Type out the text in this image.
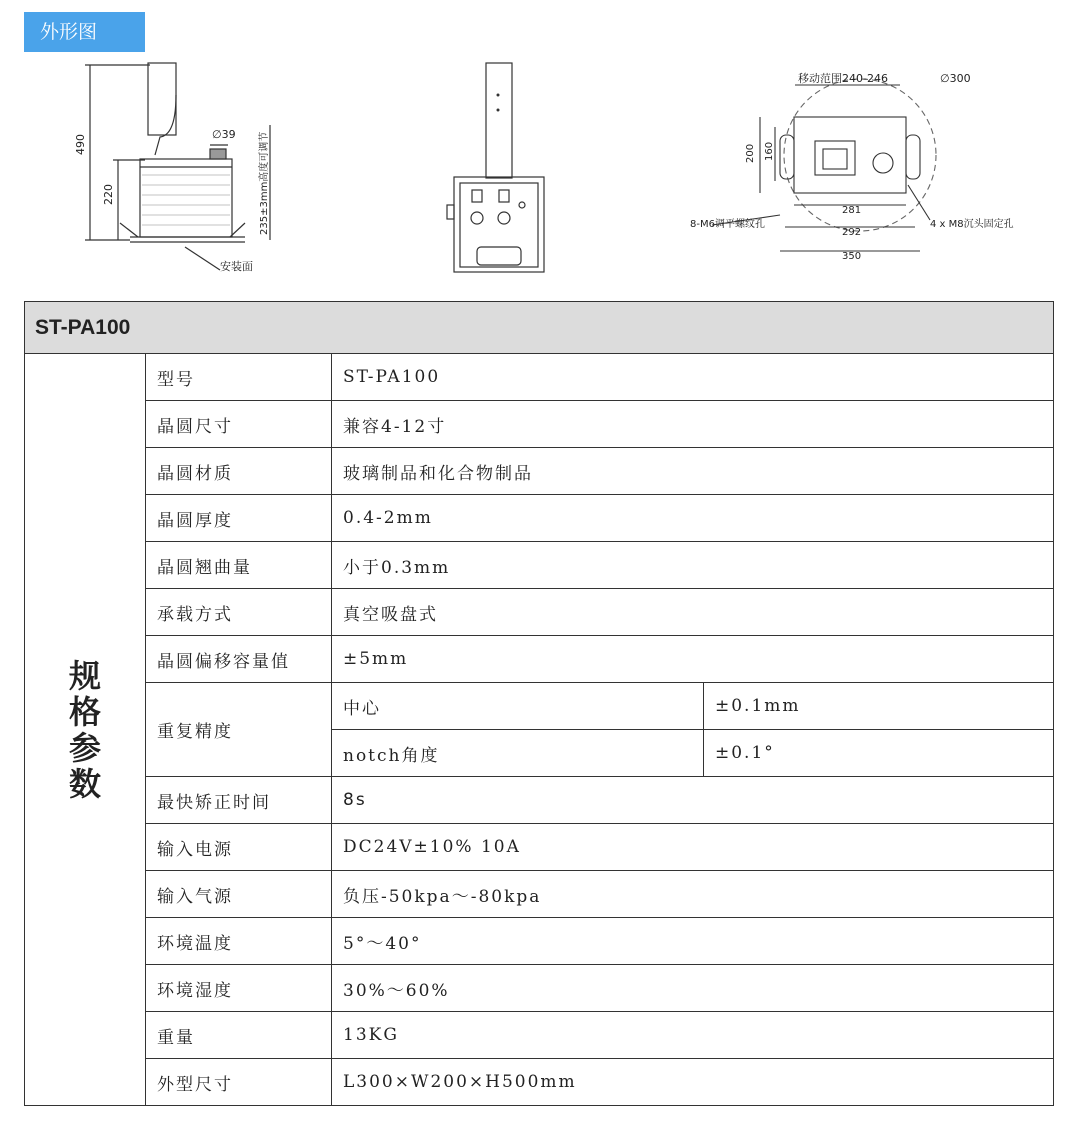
外形图
490
220
∅39 235±3mm高度可调节
安装面
移动范围240-246	∅300
200 160
281
292
350
8-M6调平螺纹孔	4 x M8沉头固定孔
ST-PA100			

规
格
参
数	型号	ST-PA100	
	晶圆尺寸	兼容4-12寸	
	晶圆材质	玻璃制品和化合物制品	
	晶圆厚度	0.4-2mm	
	晶圆翘曲量	小于0.3mm	
	承载方式	真空吸盘式	
	晶圆偏移容量值	±5mm	
	重复精度	中心	±0.1mm
		notch角度	±0.1°
	最快矫正时间	8s	
	输入电源	DC24V±10% 10A	
	输入气源	负压-50kpa～-80kpa	
	环境温度	5°～40°	
	环境湿度	30%～60%	
	重量	13KG	
	外型尺寸	L300×W200×H500mm	
